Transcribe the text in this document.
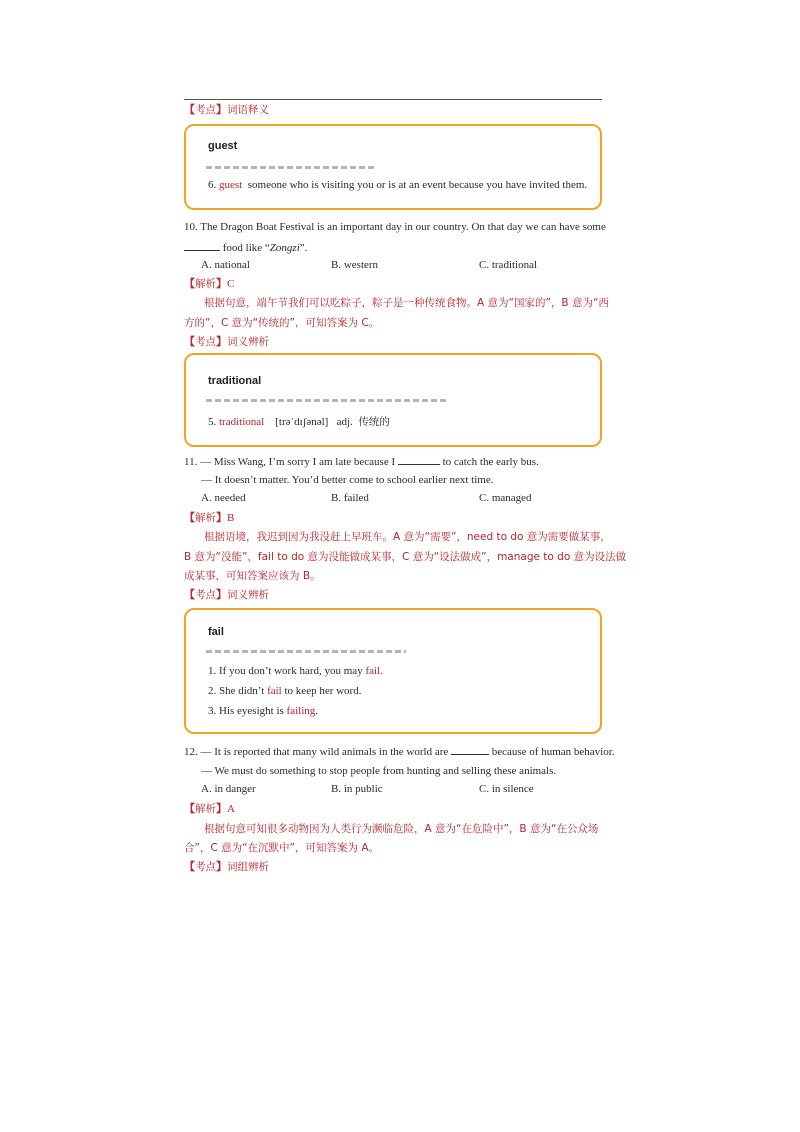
【考点】词语释义
guest
6. guest someone who is visiting you or is at an event because you have invited them.
10. The Dragon Boat Festival is an important day in our country. On that day we can have some
food like “Zongzi”.
A. national	B. western	C. traditional
【解析】C
根据句意，端午节我们可以吃粽子，粽子是一种传统食物。A 意为“国家的”，B 意为“西
方的”，C 意为“传统的”，可知答案为 C。
【考点】词义辨析
traditional
5. traditional [trəˈdɪʃənəl] adj. 传统的
11. — Miss Wang, I’m sorry I am late because I	to catch the early bus.
— It doesn’t matter. You’d better come to school earlier next time.
A. needed	B. failed	C. managed
【解析】B
根据语境，我迟到因为我没赶上早班车。A 意为“需要”，need to do 意为需要做某事，
B 意为“没能”，fail to do 意为没能做成某事，C 意为“设法做成”，manage to do 意为设法做
成某事，可知答案应该为 B。
【考点】词义辨析
fail
1. If you don’t work hard, you may fail.
2. She didn’t fail to keep her word.
3. His eyesight is failing.
12. — It is reported that many wild animals in the world are	because of human behavior.
— We must do something to stop people from hunting and selling these animals.
A. in danger	B. in public	C. in silence
【解析】A
根据句意可知很多动物因为人类行为濒临危险，A 意为“在危险中”，B 意为“在公众场
合”，C 意为“在沉默中”，可知答案为 A。
【考点】词组辨析
